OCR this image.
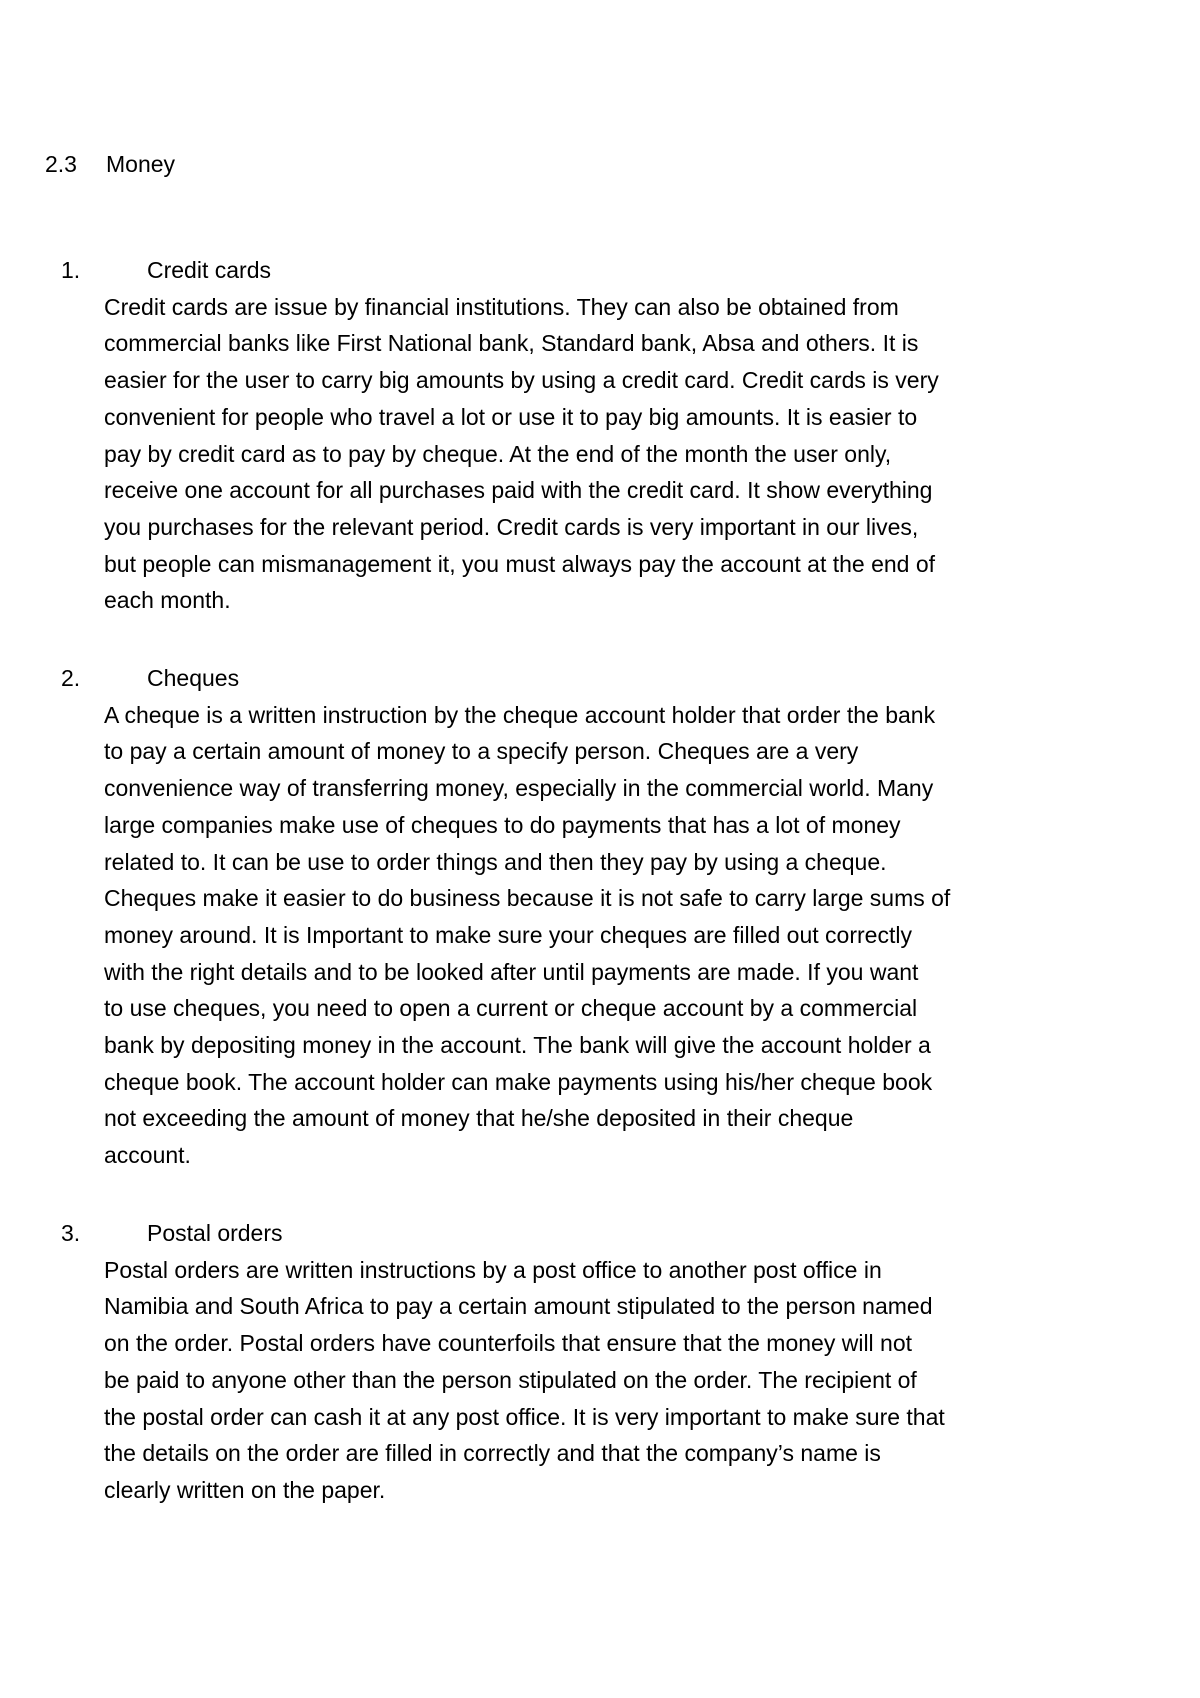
2.3 Money
1.	Credit cards
Credit cards are issue by financial institutions. They can also be obtained from
commercial banks like First National bank, Standard bank, Absa and others. It is
easier for the user to carry big amounts by using a credit card. Credit cards is very
convenient for people who travel a lot or use it to pay big amounts. It is easier to
pay by credit card as to pay by cheque. At the end of the month the user only,
receive one account for all purchases paid with the credit card. It show everything
you purchases for the relevant period. Credit cards is very important in our lives,
but people can mismanagement it, you must always pay the account at the end of
each month.
2.	Cheques
A cheque is a written instruction by the cheque account holder that order the bank
to pay a certain amount of money to a specify person. Cheques are a very
convenience way of transferring money, especially in the commercial world. Many
large companies make use of cheques to do payments that has a lot of money
related to. It can be use to order things and then they pay by using a cheque.
Cheques make it easier to do business because it is not safe to carry large sums of
money around. It is Important to make sure your cheques are filled out correctly
with the right details and to be looked after until payments are made. If you want
to use cheques, you need to open a current or cheque account by a commercial
bank by depositing money in the account. The bank will give the account holder a
cheque book. The account holder can make payments using his/her cheque book
not exceeding the amount of money that he/she deposited in their cheque
account.
3.	Postal orders
Postal orders are written instructions by a post office to another post office in
Namibia and South Africa to pay a certain amount stipulated to the person named
on the order. Postal orders have counterfoils that ensure that the money will not
be paid to anyone other than the person stipulated on the order. The recipient of
the postal order can cash it at any post office. It is very important to make sure that
the details on the order are filled in correctly and that the company’s name is
clearly written on the paper.
